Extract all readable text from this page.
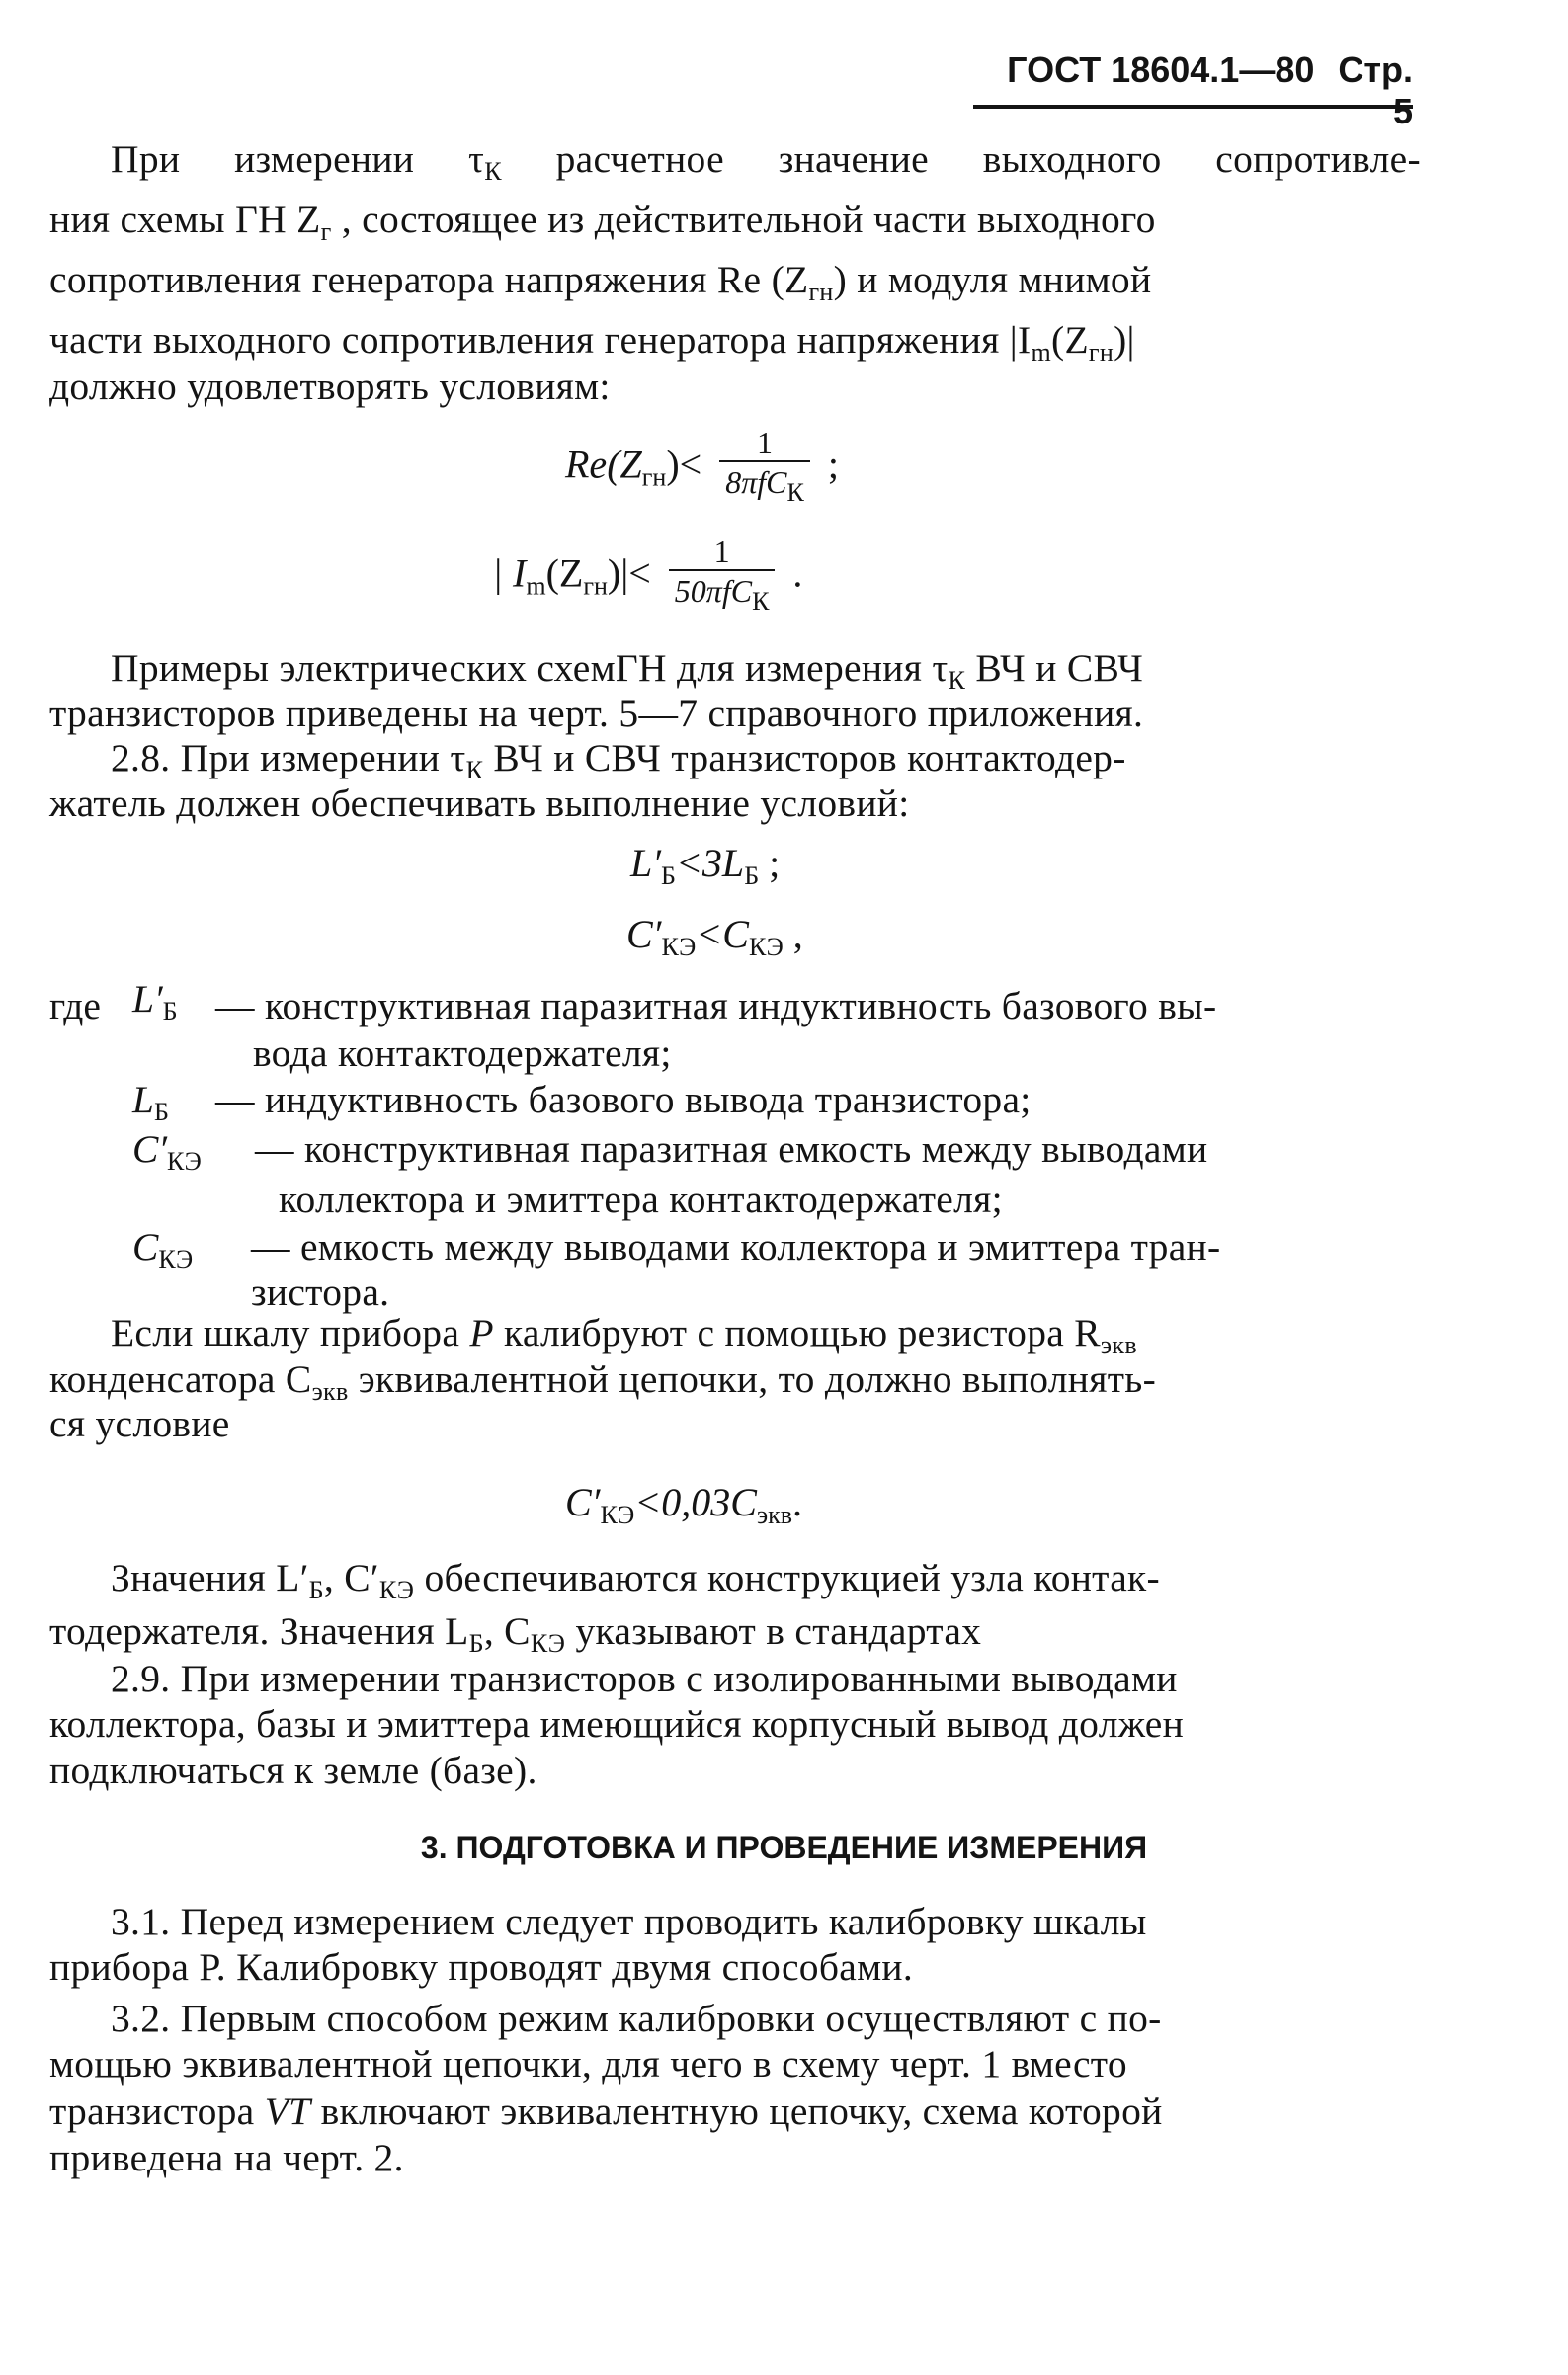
ГОСТ 18604.1—80 Стр. 5
При измерении $\tau_К$ расчетное значение выходного сопротивле-
ния схемы ГН $Z_г$ , состоящее из действительной части выходного
сопротивления генератора напряжения Re $(Z_{гн})$ и модуля мнимой
части выходного сопротивления генератора напряжения $|I_m(Z_{гн})|$
должно удовлетворять условиям:
$Re(Z_{гн})< \frac{1}{8\pi fC_К}$ ;
| $I_m(Z_{гн})|< \frac{1}{50\pi fC_К}$ .
Примеры электрических схемГН для измерения $\tau_К$ ВЧ и СВЧ
транзисторов приведены на черт. 5—7 справочного приложения.
2.8. При измерении $\tau_К$ ВЧ и СВЧ транзисторов контактодер-
жатель должен обеспечивать выполнение условий:
$L'_Б<3L_Б$ ;
$C'_{КЭ}<C_{КЭ}$ ,
где $L'_Б$ — конструктивная паразитная индуктивность базового вы-
вода контактодержателя;
$L_Б$ — индуктивность базового вывода транзистора;
$C'_{КЭ}$ — конструктивная паразитная емкость между выводами
коллектора и эмиттера контактодержателя;
$C_{КЭ}$ — емкость между выводами коллектора и эмиттера тран-
зистора.
Если шкалу прибора P калибруют с помощью резистора $R_{экв}$
конденсатора $C_{экв}$ эквивалентной цепочки, то должно выполнять-
ся условие
$C'_{КЭ}<0,03C_{экв}$.
Значения $L'_Б$, $C'_{КЭ}$ обеспечиваются конструкцией узла контак-
тодержателя. Значения $L_Б$, $C_{КЭ}$ указывают в стандартах
2.9. При измерении транзисторов с изолированными выводами
коллектора, базы и эмиттера имеющийся корпусный вывод должен
подключаться к земле (базе).
3. ПОДГОТОВКА И ПРОВЕДЕНИЕ ИЗМЕРЕНИЯ
3.1. Перед измерением следует проводить калибровку шкалы
прибора Р. Калибровку проводят двумя способами.
3.2. Первым способом режим калибровки осуществляют с по-
мощью эквивалентной цепочки, для чего в схему черт. 1 вместо
транзистора VT включают эквивалентную цепочку, схема которой
приведена на черт. 2.
